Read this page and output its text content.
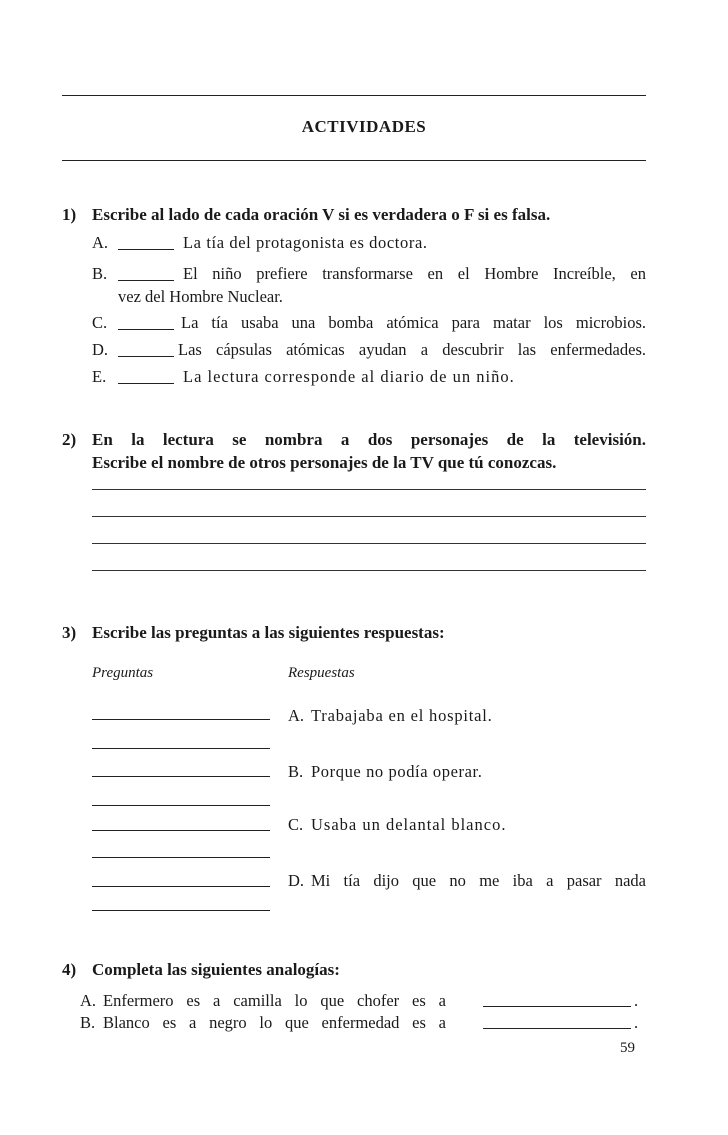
ACTIVIDADES
1) Escribe al lado de cada oración V si es verdadera o F si es falsa.
A.	La tía del protagonista es doctora.
B.	El niño prefiere transformarse en el Hombre Increíble, en
vez del Hombre Nuclear.
C.	La tía usaba una bomba atómica para matar los microbios.
D.	Las cápsulas atómicas ayudan a descubrir las enfermedades.
E.	La lectura corresponde al diario de un niño.
2) En la lectura se nombra a dos personajes de la televisión.
Escribe el nombre de otros personajes de la TV que tú conozcas.
3) Escribe las preguntas a las siguientes respuestas:
Preguntas	Respuestas
A. Trabajaba en el hospital.
B. Porque no podía operar.
C. Usaba un delantal blanco.
D. Mi tía dijo que no me iba a pasar nada
4) Completa las siguientes analogías:
A. Enfermero es a camilla lo que chofer es a	.
B. Blanco es a negro lo que enfermedad es a	.
59
